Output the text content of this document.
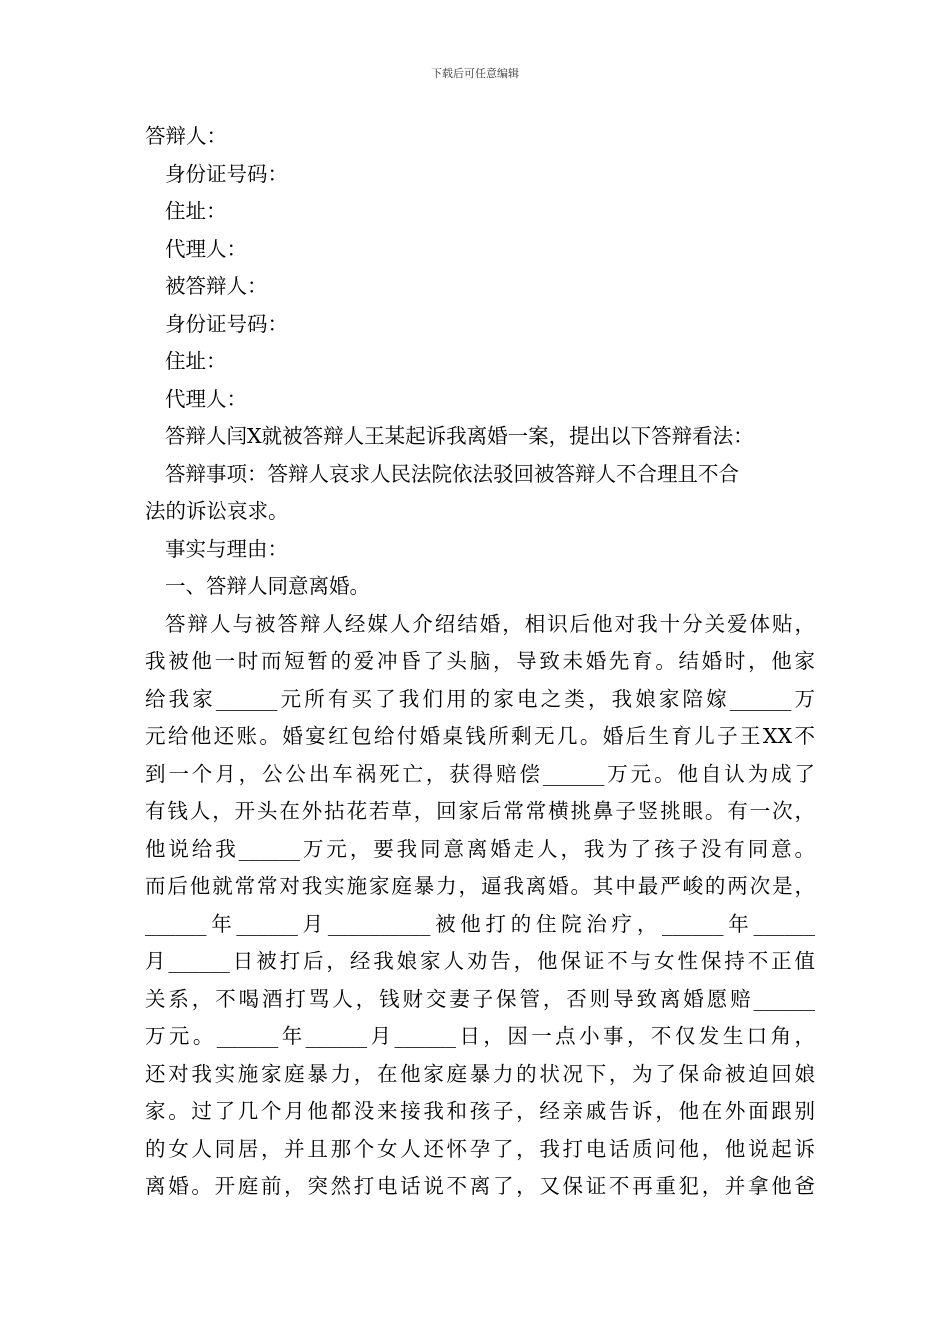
下载后可任意编辑
答辩人：
身份证号码：
住址：
代理人：
被答辩人：
身份证号码：
住址：
代理人：
答辩人闫X就被答辩人王某起诉我离婚一案，提出以下答辩看法：
答辩事项：答辩人哀求人民法院依法驳回被答辩人不合理且不合
法的诉讼哀求。
事实与理由：
一、答辩人同意离婚。
答辩人与被答辩人经媒人介绍结婚，相识后他对我十分关爱体贴，
我被他一时而短暂的爱冲昏了头脑，导致未婚先育。结婚时，他家
给我家______元所有买了我们用的家电之类，我娘家陪嫁______万
元给他还账。婚宴红包给付婚桌钱所剩无几。婚后生育儿子王XX不
到一个月，公公出车祸死亡，获得赔偿______万元。他自认为成了
有钱人，开头在外拈花若草，回家后常常横挑鼻子竖挑眼。有一次，
他说给我______万元，要我同意离婚走人，我为了孩子没有同意。
而后他就常常对我实施家庭暴力，逼我离婚。其中最严峻的两次是，
______年______月__________被他打的住院治疗，______年______
月______日被打后，经我娘家人劝告，他保证不与女性保持不正值
关系，不喝酒打骂人，钱财交妻子保管，否则导致离婚愿赔______
万元。______年______月______日，因一点小事，不仅发生口角，
还对我实施家庭暴力，在他家庭暴力的状况下，为了保命被迫回娘
家。过了几个月他都没来接我和孩子，经亲戚告诉，他在外面跟别
的女人同居，并且那个女人还怀孕了，我打电话质问他，他说起诉
离婚。开庭前，突然打电话说不离了，又保证不再重犯，并拿他爸
